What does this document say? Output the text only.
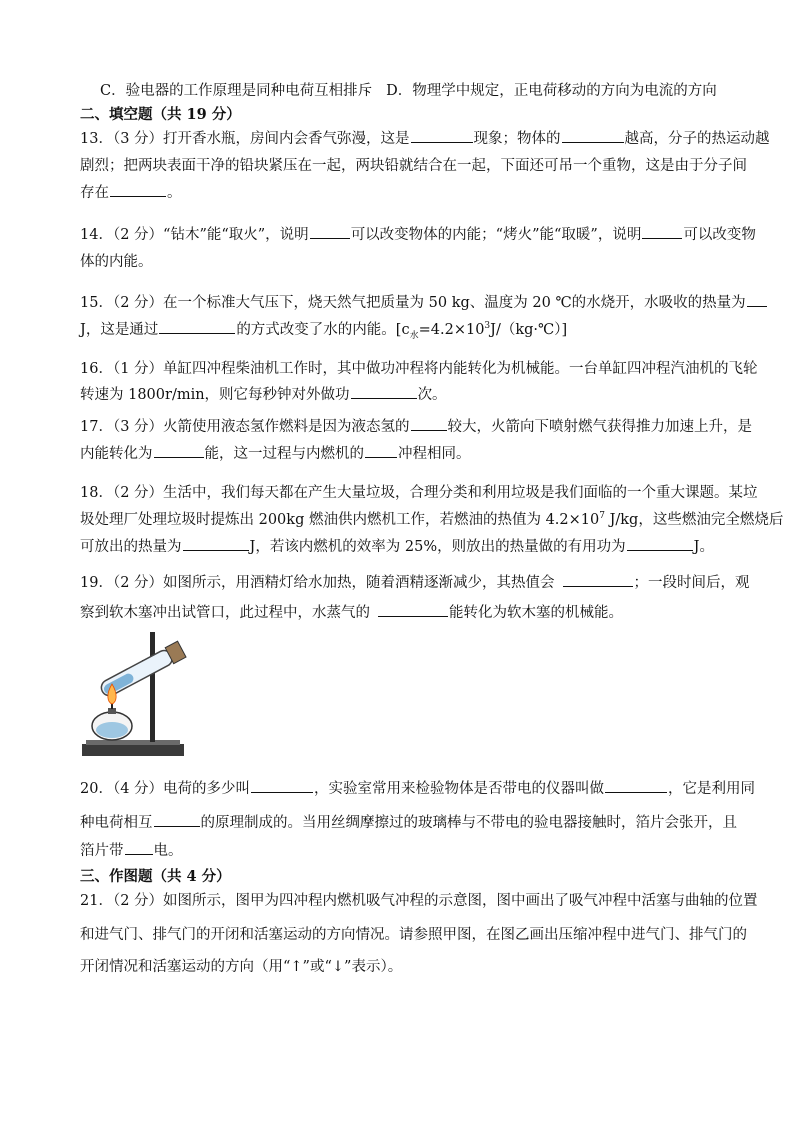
C．验电器的工作原理是同种电荷互相排斥 D．物理学中规定，正电荷移动的方向为电流的方向
二、填空题（共 19 分）
13．（3 分）打开香水瓶，房间内会香气弥漫，这是	现象；物体的	越高，分子的热运动越
剧烈；把两块表面干净的铅块紧压在一起，两块铅就结合在一起，下面还可吊一个重物，这是由于分子间
存在	。
14．（2 分）“钻木”能“取火”，说明	可以改变物体的内能；“烤火”能“取暖”，说明	可以改变物
体的内能。
15．（2 分）在一个标准大气压下，烧天然气把质量为 50 kg、温度为 20 ℃的水烧开，水吸收的热量为
J，这是通过	的方式改变了水的内能。$[c_水=4.2\times 10^3J/(kg\cdot℃)]$
16．（1 分）单缸四冲程柴油机工作时，其中做功冲程将内能转化为机械能。一台单缸四冲程汽油机的飞轮
转速为 1800r/min，则它每秒钟对外做功	次。
17．（3 分）火箭使用液态氢作燃料是因为液态氢的	较大，火箭向下喷射燃气获得推力加速上升，是
内能转化为	能，这一过程与内燃机的 冲程相同。
18．（2 分）生活中，我们每天都在产生大量垃圾，合理分类和利用垃圾是我们面临的一个重大课题。某垃
圾处理厂处理垃圾时提炼出 200kg 燃油供内燃机工作，若燃油的热值为 $4.2\times 10^7$ J/kg，这些燃油完全燃烧后
可放出的热量为	J，若该内燃机的效率为 25%，则放出的热量做的有用功为	J。
19．（2 分）如图所示，用酒精灯给水加热，随着酒精逐渐减少，其热值会	；一段时间后，观
察到软木塞冲出试管口，此过程中，水蒸气的	能转化为软木塞的机械能。
20．（4 分）电荷的多少叫	，实验室常用来检验物体是否带电的仪器叫做	，它是利用同
种电荷相互	的原理制成的。当用丝绸摩擦过的玻璃棒与不带电的验电器接触时，箔片会张开，且
箔片带 电。
三、作图题（共 4 分）
21．（2 分）如图所示，图甲为四冲程内燃机吸气冲程的示意图，图中画出了吸气冲程中活塞与曲轴的位置
和进气门、排气门的开闭和活塞运动的方向情况。请参照甲图，在图乙画出压缩冲程中进气门、排气门的
开闭情况和活塞运动的方向（用“↑”或“↓”表示）。
